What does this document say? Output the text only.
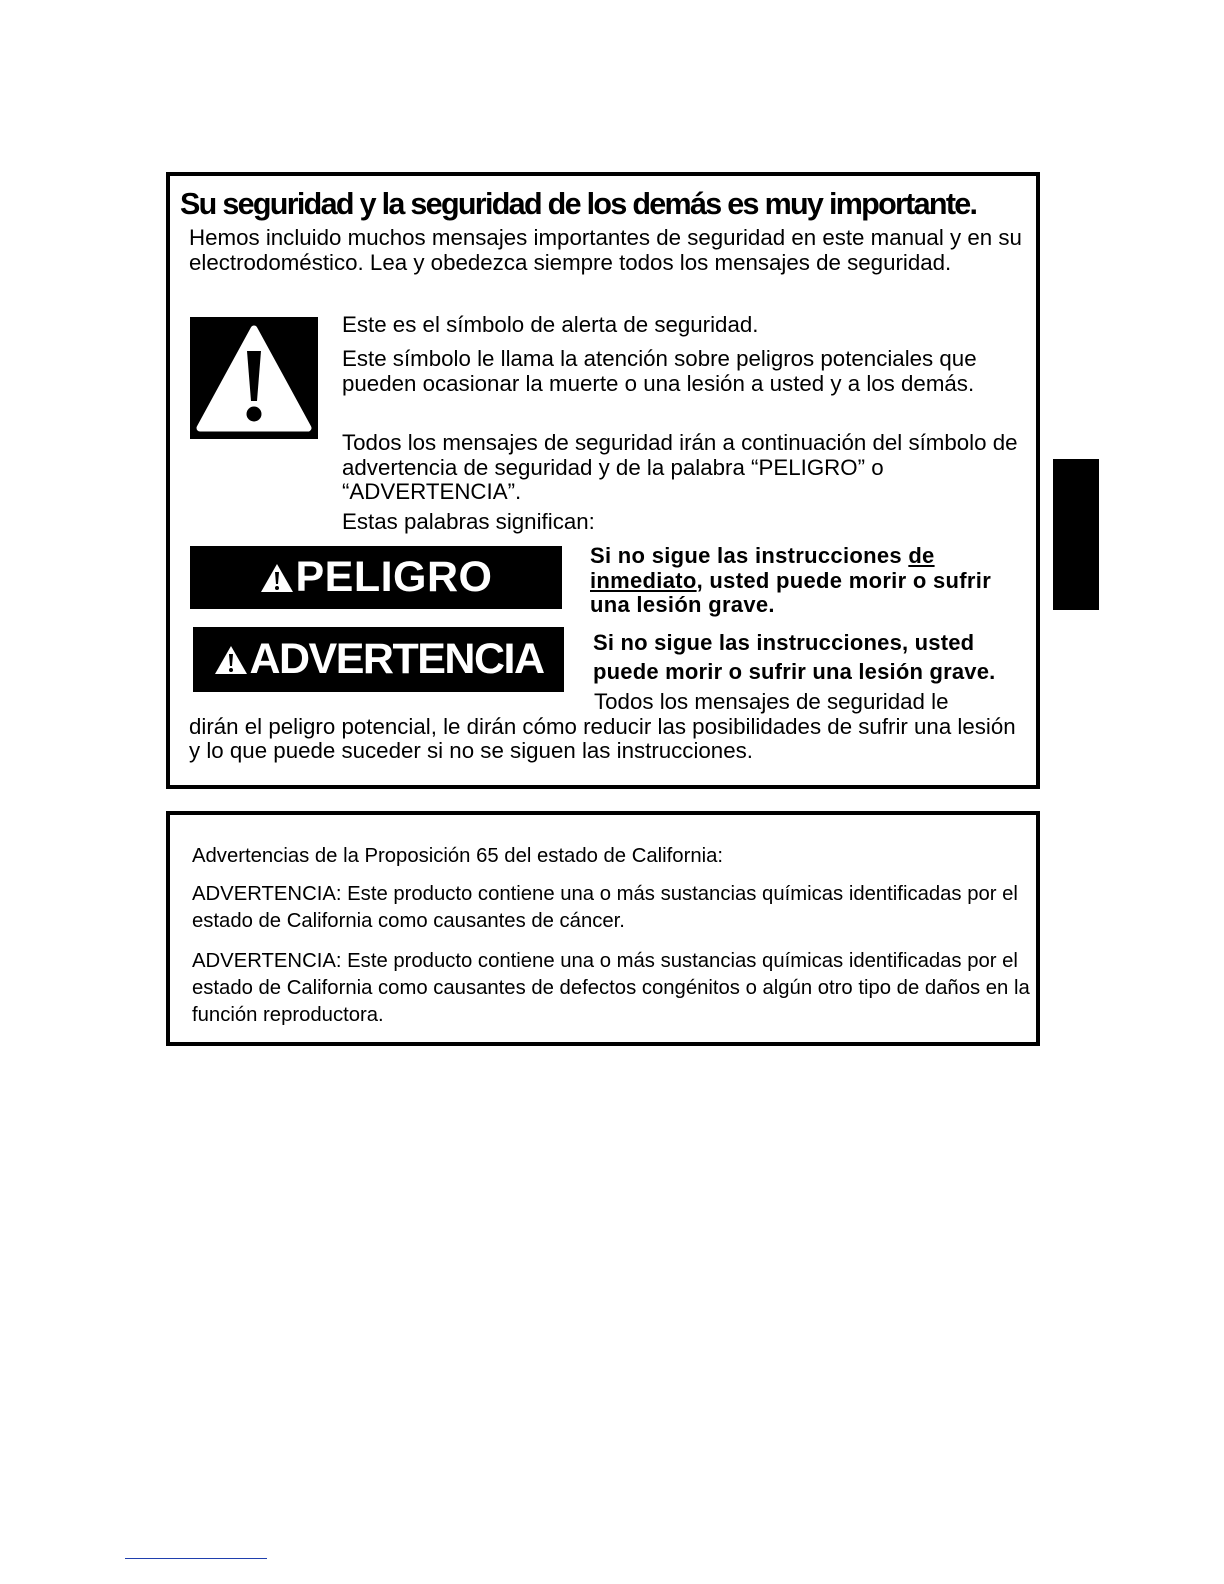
Su seguridad y la seguridad de los demás es muy importante.

Hemos incluido muchos mensajes importantes de seguridad en este manual y en su electrodoméstico. Lea y obedezca siempre todos los mensajes de seguridad.

Este es el símbolo de alerta de seguridad.

Este símbolo le llama la atención sobre peligros potenciales que pueden ocasionar la muerte o una lesión a usted y a los demás.

Todos los mensajes de seguridad irán a continuación del símbolo de advertencia de seguridad y de la palabra “PELIGRO” o “ADVERTENCIA”.

Estas palabras significan:

PELIGRO	Si no sigue las instrucciones de inmediato, usted puede morir o sufrir una lesión grave.

ADVERTENCIA Si no sigue las instrucciones, usted puede morir o sufrir una lesión grave.

Todos los mensajes de seguridad le
dirán el peligro potencial, le dirán cómo reducir las posibilidades de sufrir una lesión y lo que puede suceder si no se siguen las instrucciones.

Advertencias de la Proposición 65 del estado de California:

ADVERTENCIA: Este producto contiene una o más sustancias químicas identificadas por el estado de California como causantes de cáncer.

ADVERTENCIA: Este producto contiene una o más sustancias químicas identificadas por el estado de California como causantes de defectos congénitos o algún otro tipo de daños en la función reproductora.
